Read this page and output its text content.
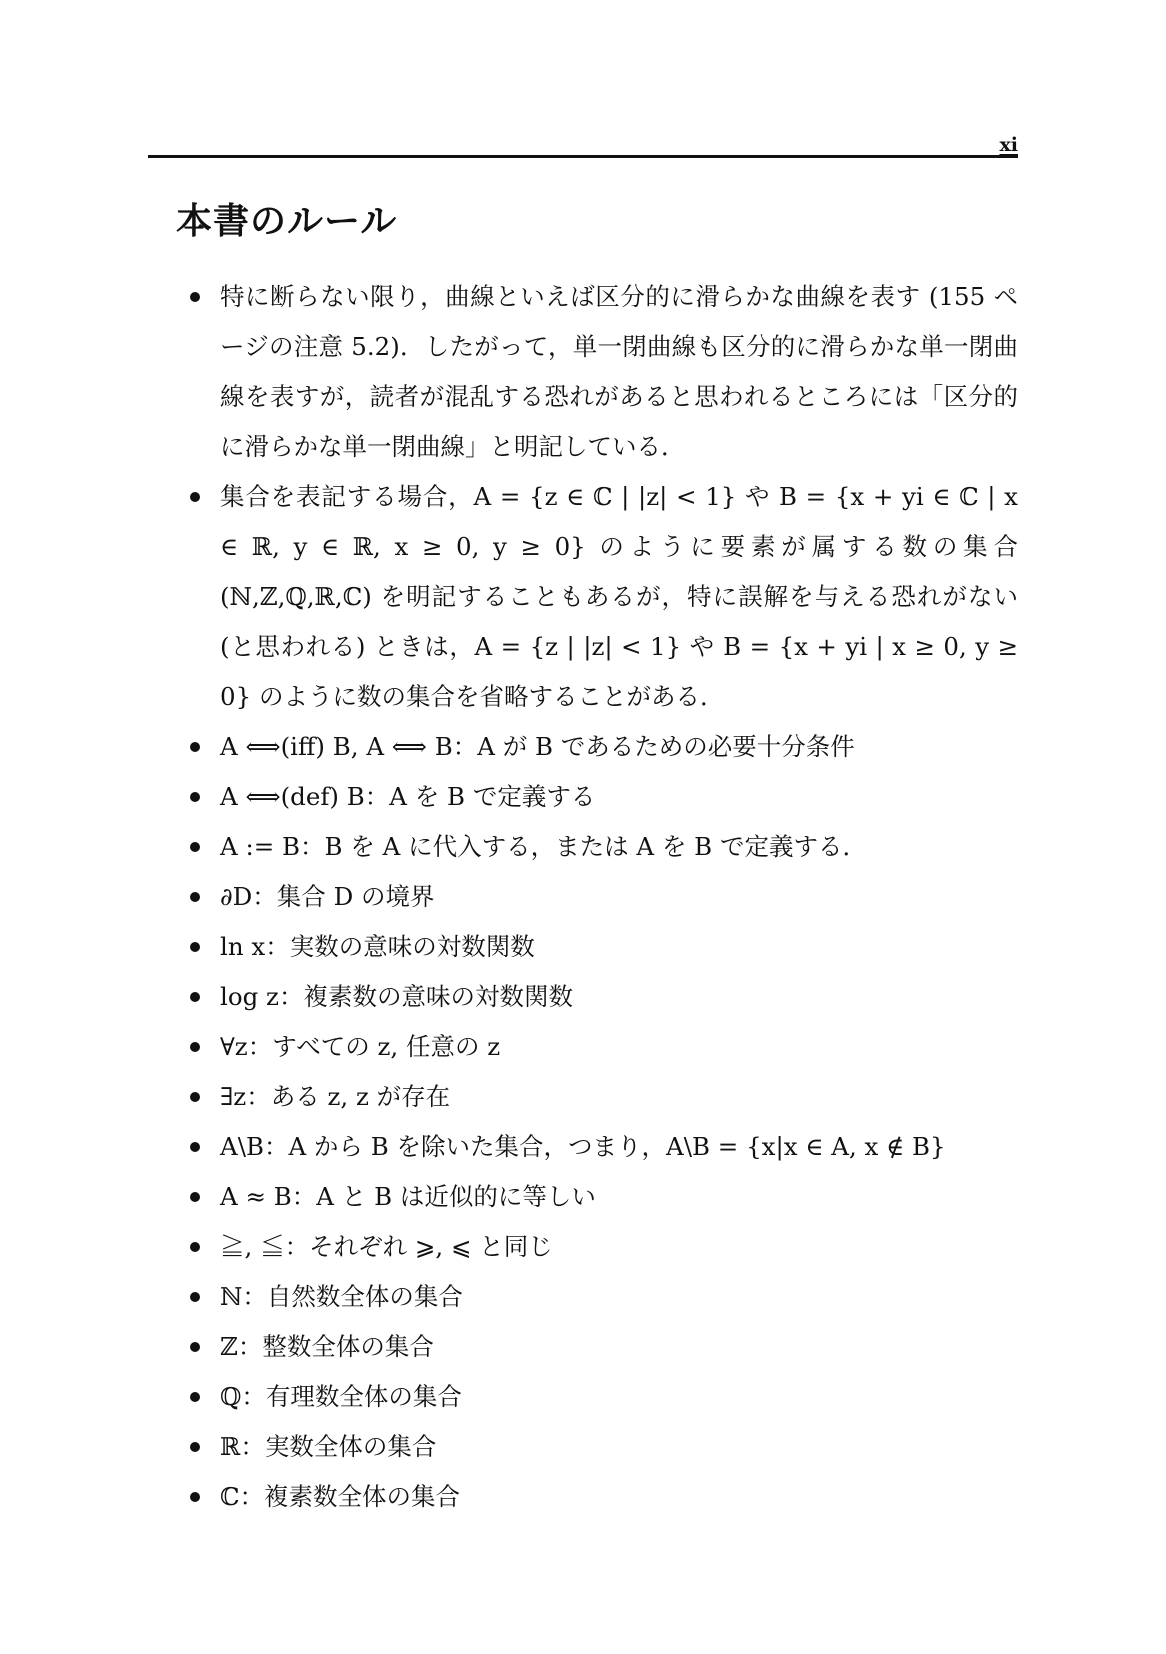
xi
本書のルール
特に断らない限り，曲線といえば区分的に滑らかな曲線を表す (155 ページの注意 5.2)．したがって，単一閉曲線も区分的に滑らかな単一閉曲線を表すが，読者が混乱する恐れがあると思われるところには「区分的に滑らかな単一閉曲線」と明記している．
集合を表記する場合，A = {z ∈ ℂ | |z| < 1} や B = {x + yi ∈ ℂ | x ∈ ℝ, y ∈ ℝ, x ≥ 0, y ≥ 0} のように要素が属する数の集合 (ℕ,ℤ,ℚ,ℝ,ℂ) を明記することもあるが，特に誤解を与える恐れがない (と思われる) ときは，A = {z | |z| < 1} や B = {x + yi | x ≥ 0, y ≥ 0} のように数の集合を省略することがある．
A ⟺(iff) B, A ⟺ B：A が B であるための必要十分条件
A ⟺(def) B：A を B で定義する
A := B：B を A に代入する，または A を B で定義する．
∂D：集合 D の境界
ln x：実数の意味の対数関数
log z：複素数の意味の対数関数
∀z：すべての z, 任意の z
∃z：ある z, z が存在
A\B：A から B を除いた集合，つまり，A\B = {x|x ∈ A, x ∉ B}
A ≈ B：A と B は近似的に等しい
≧, ≦：それぞれ ⩾, ⩽ と同じ
ℕ：自然数全体の集合
ℤ：整数全体の集合
ℚ：有理数全体の集合
ℝ：実数全体の集合
ℂ：複素数全体の集合
